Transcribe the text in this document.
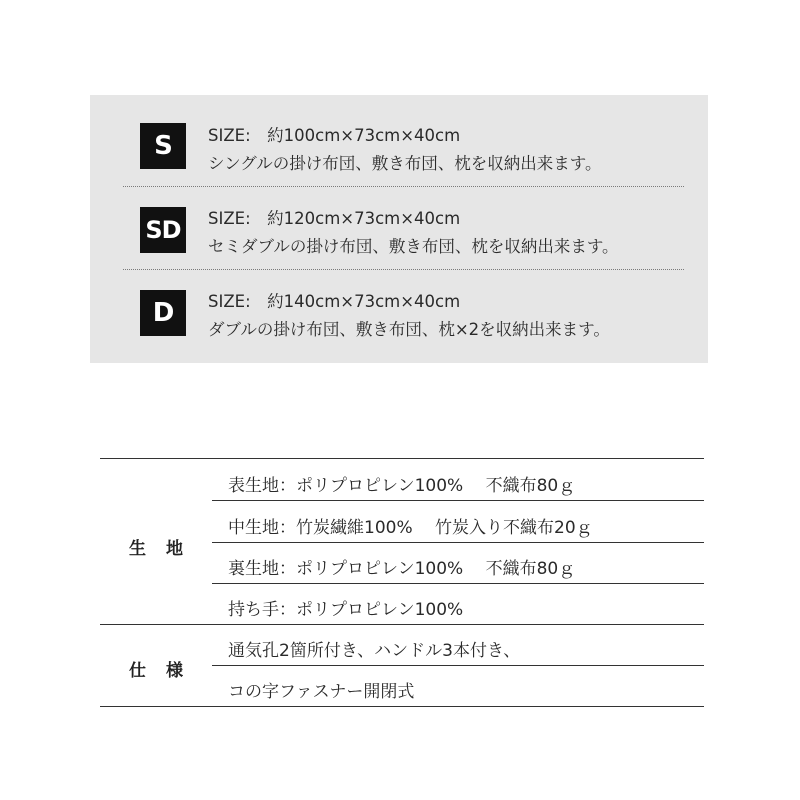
S	SIZE:　約100cm×73cm×40cm
シングルの掛け布団、敷き布団、枕を収納出来ます。
SD	SIZE:　約120cm×73cm×40cm
セミダブルの掛け布団、敷き布団、枕を収納出来ます。
D	SIZE:　約140cm×73cm×40cm
ダブルの掛け布団、敷き布団、枕×2を収納出来ます。
生地
表生地：ポリプロピレン100%　 不織布80ｇ
中生地：竹炭繊維100%　 竹炭入り不織布20ｇ
裏生地：ポリプロピレン100%　 不織布80ｇ
持ち手：ポリプロピレン100%
仕様
通気孔2箇所付き、ハンドル3本付き、
コの字ファスナー開閉式
